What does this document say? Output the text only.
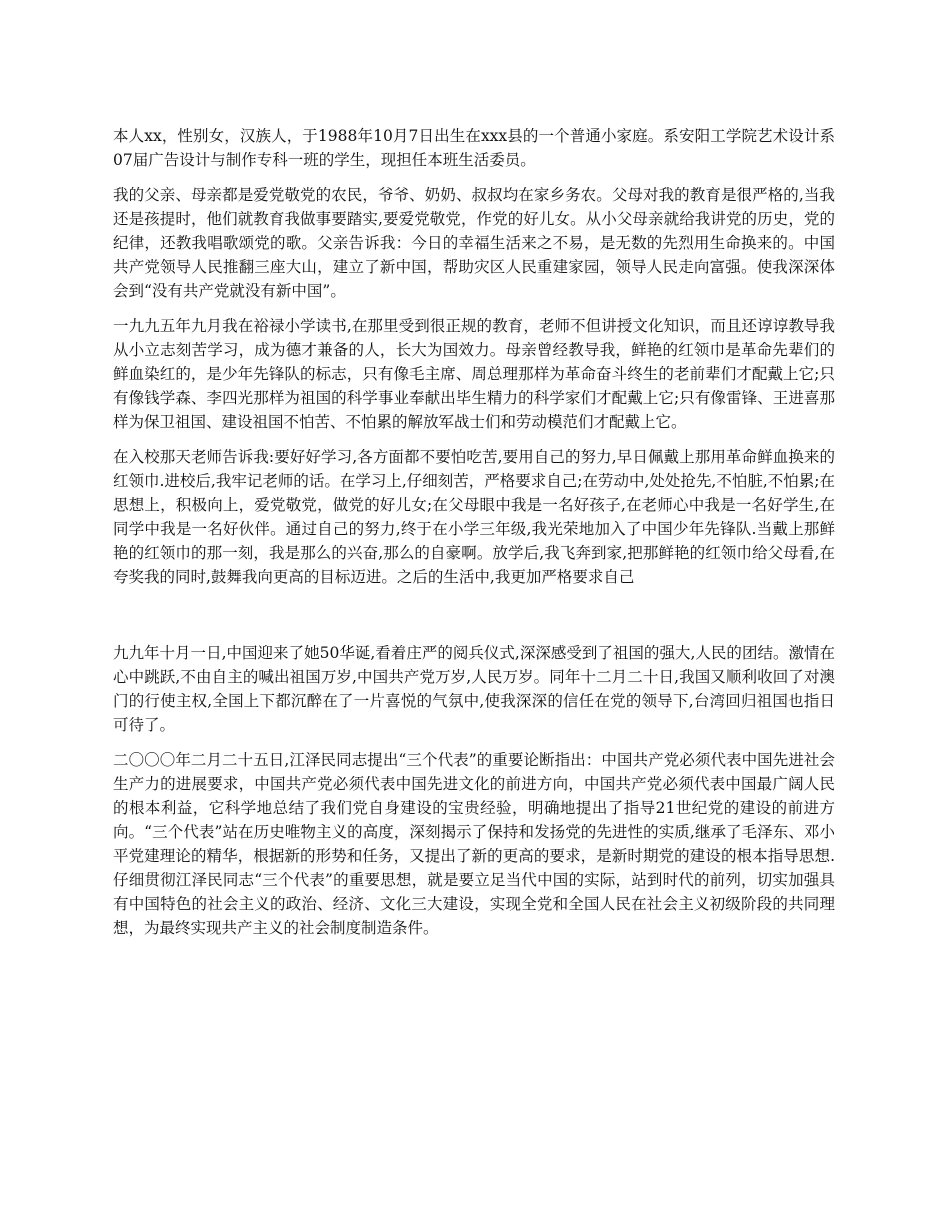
本人xx，性别女，汉族人，于1988年10月7日出生在xxx县的一个普通小家庭。系安阳工学院艺术设计系07届广告设计与制作专科一班的学生，现担任本班生活委员。

我的父亲、母亲都是爱党敬党的农民，爷爷、奶奶、叔叔均在家乡务农。父母对我的教育是很严格的,当我还是孩提时，他们就教育我做事要踏实,要爱党敬党，作党的好儿女。从小父母亲就给我讲党的历史，党的纪律，还教我唱歌颂党的歌。父亲告诉我：今日的幸福生活来之不易，是无数的先烈用生命换来的。中国共产党领导人民推翻三座大山，建立了新中国，帮助灾区人民重建家园，领导人民走向富强。使我深深体会到“没有共产党就没有新中国”。

一九九五年九月我在裕禄小学读书,在那里受到很正规的教育，老师不但讲授文化知识，而且还谆谆教导我从小立志刻苦学习，成为德才兼备的人，长大为国效力。母亲曾经教导我，鲜艳的红领巾是革命先辈们的鲜血染红的，是少年先锋队的标志，只有像毛主席、周总理那样为革命奋斗终生的老前辈们才配戴上它;只有像钱学森、李四光那样为祖国的科学事业奉献出毕生精力的科学家们才配戴上它;只有像雷锋、王进喜那样为保卫祖国、建设祖国不怕苦、不怕累的解放军战士们和劳动模范们才配戴上它。

在入校那天老师告诉我:要好好学习,各方面都不要怕吃苦,要用自己的努力,早日佩戴上那用革命鲜血换来的红领巾.进校后,我牢记老师的话。在学习上,仔细刻苦，严格要求自己;在劳动中,处处抢先,不怕脏,不怕累;在思想上，积极向上，爱党敬党，做党的好儿女;在父母眼中我是一名好孩子,在老师心中我是一名好学生,在同学中我是一名好伙伴。通过自己的努力,终于在小学三年级,我光荣地加入了中国少年先锋队.当戴上那鲜艳的红领巾的那一刻，我是那么的兴奋,那么的自豪啊。放学后,我飞奔到家,把那鲜艳的红领巾给父母看,在夸奖我的同时,鼓舞我向更高的目标迈进。之后的生活中,我更加严格要求自己

九九年十月一日,中国迎来了她50华诞,看着庄严的阅兵仪式,深深感受到了祖国的强大,人民的团结。激情在心中跳跃,不由自主的喊出祖国万岁,中国共产党万岁,人民万岁。同年十二月二十日,我国又顺利收回了对澳门的行使主权,全国上下都沉醉在了一片喜悦的气氛中,使我深深的信任在党的领导下,台湾回归祖国也指日可待了。

二〇〇〇年二月二十五日,江泽民同志提出“三个代表”的重要论断指出：中国共产党必须代表中国先进社会生产力的进展要求，中国共产党必须代表中国先进文化的前进方向，中国共产党必须代表中国最广阔人民的根本利益，它科学地总结了我们党自身建设的宝贵经验，明确地提出了指导21世纪党的建设的前进方向。“三个代表”站在历史唯物主义的高度，深刻揭示了保持和发扬党的先进性的实质,继承了毛泽东、邓小平党建理论的精华，根据新的形势和任务，又提出了新的更高的要求，是新时期党的建设的根本指导思想.仔细贯彻江泽民同志“三个代表”的重要思想，就是要立足当代中国的实际，站到时代的前列，切实加强具有中国特色的社会主义的政治、经济、文化三大建设，实现全党和全国人民在社会主义初级阶段的共同理想，为最终实现共产主义的社会制度制造条件。
